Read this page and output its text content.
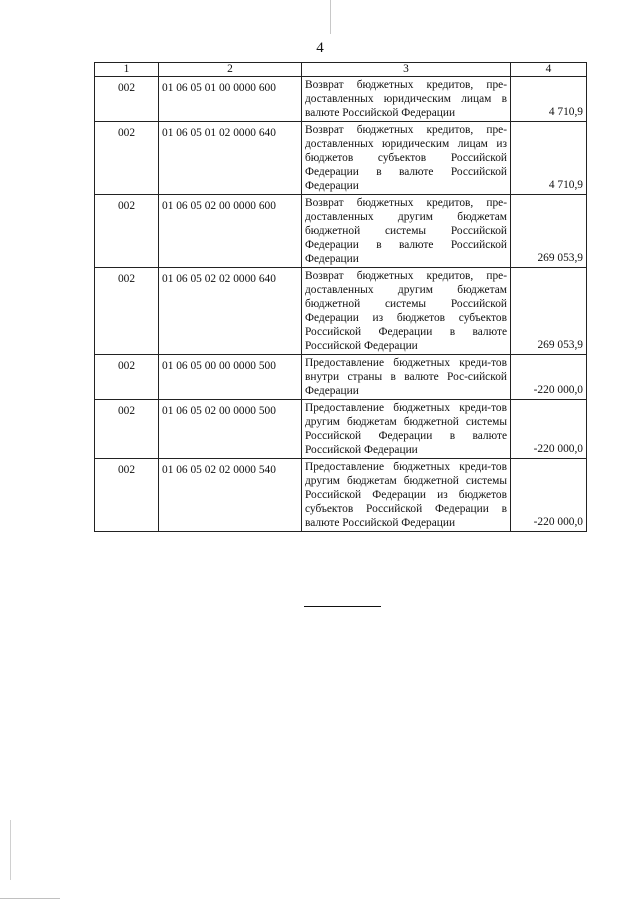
4
1	2	3	4
002	01 06 05 01 00 0000 600	Возврат бюджетных кредитов, пре-доставленных юридическим лицам в валюте Российской Федерации	4 710,9
002	01 06 05 01 02 0000 640	Возврат бюджетных кредитов, пре-доставленных юридическим лицам из бюджетов субъектов Российской Федерации в валюте Российской Федерации	4 710,9
002	01 06 05 02 00 0000 600	Возврат бюджетных кредитов, пре-доставленных другим бюджетам бюджетной системы Российской Федерации в валюте Российской Федерации	269 053,9
002	01 06 05 02 02 0000 640	Возврат бюджетных кредитов, пре-доставленных другим бюджетам бюджетной системы Российской Федерации из бюджетов субъектов Российской Федерации в валюте Российской Федерации	269 053,9
002	01 06 05 00 00 0000 500	Предоставление бюджетных креди-тов внутри страны в валюте Рос-сийской Федерации	-220 000,0
002	01 06 05 02 00 0000 500	Предоставление бюджетных креди-тов другим бюджетам бюджетной системы Российской Федерации в валюте Российской Федерации	-220 000,0
002	01 06 05 02 02 0000 540	Предоставление бюджетных креди-тов другим бюджетам бюджетной системы Российской Федерации из бюджетов субъектов Российской Федерации в валюте Российской Федерации	-220 000,0
